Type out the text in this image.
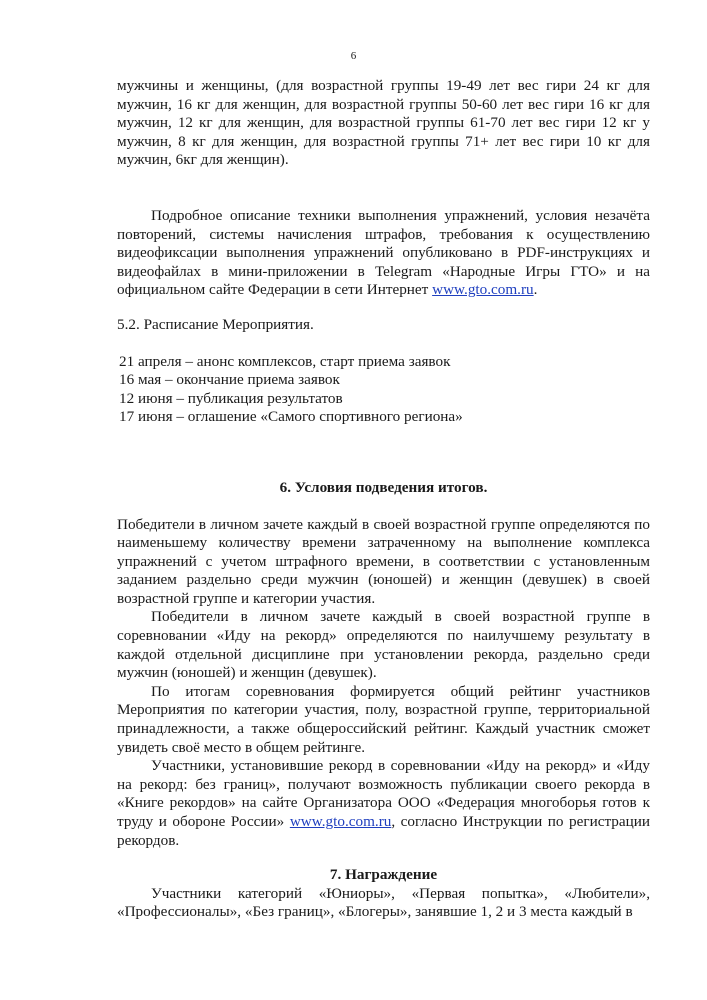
6

мужчины и женщины, (для возрастной группы 19-49 лет вес гири 24 кг для мужчин, 16 кг для женщин, для возрастной группы 50-60 лет вес гири 16 кг для мужчин, 12 кг для женщин, для возрастной группы 61-70 лет вес гири 12 кг у мужчин, 8 кг для женщин, для возрастной группы 71+ лет вес гири 10 кг для мужчин, 6кг для женщин).

Подробное описание техники выполнения упражнений, условия незачёта повторений, системы начисления штрафов, требования к осуществлению видеофиксации выполнения упражнений опубликовано в PDF-инструкциях и видеофайлах в мини-приложении в Telegram «Народные Игры ГТО» и на официальном сайте Федерации в сети Интернет www.gto.com.ru.

5.2. Расписание Мероприятия.

21 апреля – анонс комплексов, старт приема заявок

16 мая – окончание приема заявок

12 июня – публикация результатов

17 июня – оглашение «Самого спортивного региона»

6. Условия подведения итогов.

Победители в личном зачете каждый в своей возрастной группе определяются по наименьшему количеству времени затраченному на выполнение комплекса упражнений с учетом штрафного времени, в соответствии с установленным заданием раздельно среди мужчин (юношей) и женщин (девушек) в своей возрастной группе и категории участия.

Победители в личном зачете каждый в своей возрастной группе в соревновании «Иду на рекорд» определяются по наилучшему результату в каждой отдельной дисциплине при установлении рекорда, раздельно среди мужчин (юношей) и женщин (девушек).

По итогам соревнования формируется общий рейтинг участников Мероприятия по категории участия, полу, возрастной группе, территориальной принадлежности, а также общероссийский рейтинг. Каждый участник сможет увидеть своё место в общем рейтинге.

Участники, установившие рекорд в соревновании «Иду на рекорд» и «Иду на рекорд: без границ», получают возможность публикации своего рекорда в «Книге рекордов» на сайте Организатора ООО «Федерация многоборья готов к труду и обороне России» www.gto.com.ru, согласно Инструкции по регистрации рекордов.

7. Награждение

Участники категорий «Юниоры», «Первая попытка», «Любители», «Профессионалы», «Без границ», «Блогеры», занявшие 1, 2 и 3 места каждый в
